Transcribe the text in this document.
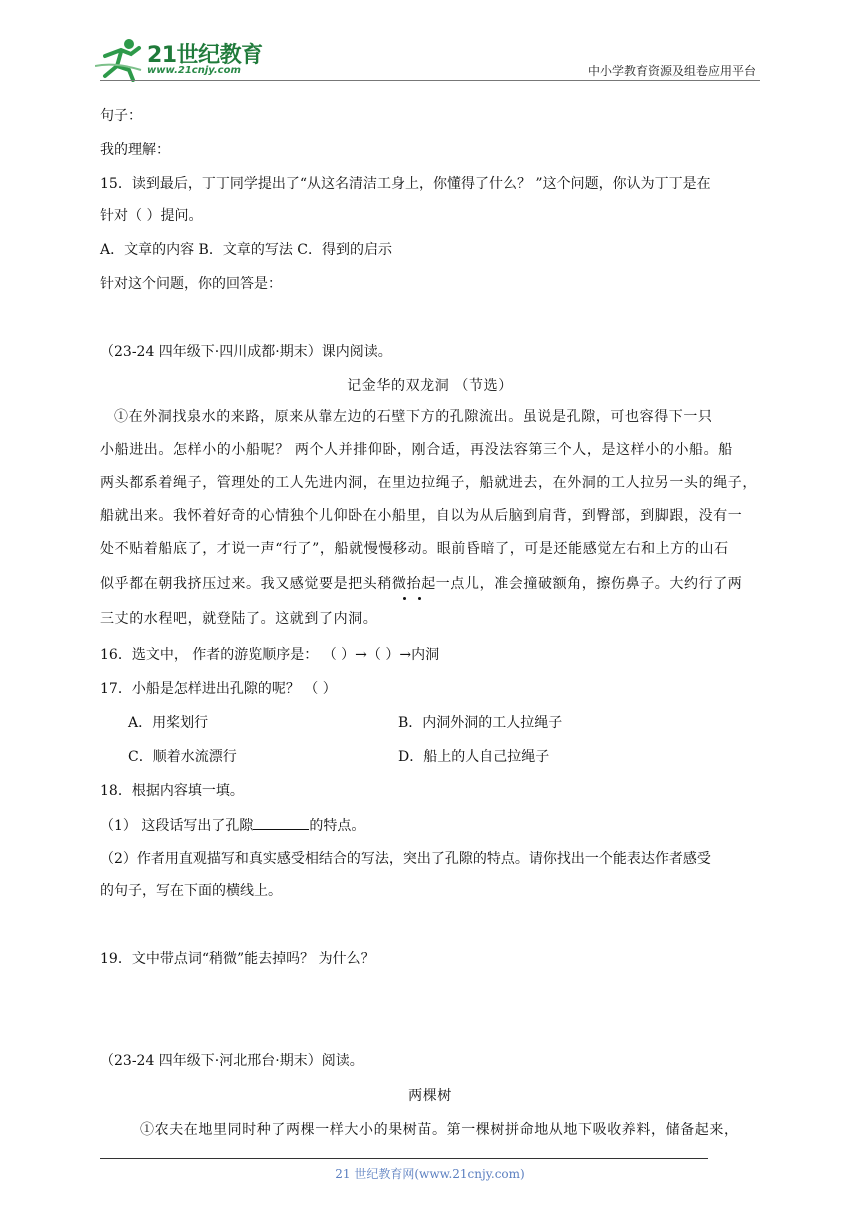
21世纪教育
www.21cnjy.com	中小学教育资源及组卷应用平台
句子：
我的理解：
15．读到最后，丁丁同学提出了“从这名清洁工身上，你懂得了什么？ ”这个问题，你认为丁丁是在
针对（ ）提问。
A．文章的内容 B．文章的写法 C．得到的启示
针对这个问题，你的回答是：
（23-24 四年级下·四川成都·期末）课内阅读。
记金华的双龙洞 （节选）
①在外洞找泉水的来路，原来从靠左边的石壁下方的孔隙流出。虽说是孔隙，可也容得下一只
小船进出。怎样小的小船呢？ 两个人并排仰卧，刚合适，再没法容第三个人，是这样小的小船。船
两头都系着绳子，管理处的工人先进内洞，在里边拉绳子，船就进去，在外洞的工人拉另一头的绳子，
船就出来。我怀着好奇的心情独个儿仰卧在小船里，自以为从后脑到肩背，到臀部，到脚跟，没有一
处不贴着船底了，才说一声“行了”，船就慢慢移动。眼前昏暗了，可是还能感觉左右和上方的山石
似乎都在朝我挤压过来。我又感觉要是把头稍微抬起一点儿，准会撞破额角，擦伤鼻子。大约行了两
三丈的水程吧，就登陆了。这就到了内洞。
16．选文中， 作者的游览顺序是： （ ）→（ ）→内洞
17．小船是怎样进出孔隙的呢？ （ ）
A．用桨划行	B．内洞外洞的工人拉绳子
C．顺着水流漂行	D．船上的人自己拉绳子
18．根据内容填一填。
（1） 这段话写出了孔隙	的特点。
（2）作者用直观描写和真实感受相结合的写法，突出了孔隙的特点。请你找出一个能表达作者感受
的句子，写在下面的横线上。
19．文中带点词“稍微”能去掉吗？ 为什么？
（23-24 四年级下·河北邢台·期末）阅读。
两棵树
①农夫在地里同时种了两棵一样大小的果树苗。第一棵树拼命地从地下吸收养料，储备起来，
21 世纪教育网(www.21cnjy.com)
